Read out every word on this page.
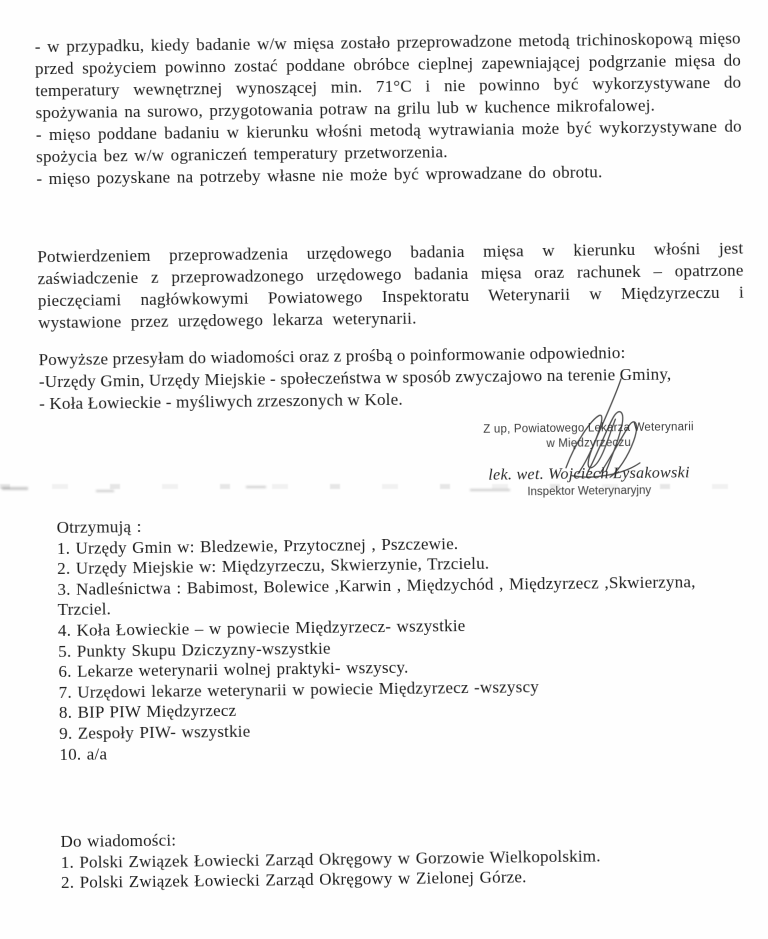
- w przypadku, kiedy badanie w/w mięsa zostało przeprowadzone metodą trichinoskopową mięso przed spożyciem powinno zostać poddane obróbce cieplnej zapewniającej podgrzanie mięsa do temperatury wewnętrznej wynoszącej min. 71°C i nie powinno być wykorzystywane do spożywania na surowo, przygotowania potraw na grilu lub w kuchence mikrofalowej.

- mięso poddane badaniu w kierunku włośni metodą wytrawiania może być wykorzystywane do spożycia bez w/w ograniczeń temperatury przetworzenia.

- mięso pozyskane na potrzeby własne nie może być wprowadzane do obrotu.

Potwierdzeniem przeprowadzenia urzędowego badania mięsa w kierunku włośni jest zaświadczenie z przeprowadzonego urzędowego badania mięsa oraz rachunek – opatrzone pieczęciami nagłówkowymi Powiatowego Inspektoratu Weterynarii w Międzyrzeczu i wystawione przez urzędowego lekarza weterynarii.

Powyższe przesyłam do wiadomości oraz z prośbą o poinformowanie odpowiednio:

-Urzędy Gmin, Urzędy Miejskie - społeczeństwa w sposób zwyczajowo na terenie Gminy,

- Koła Łowieckie - myśliwych zrzeszonych w Kole.

Z up, Powiatowego Lekarza Weterynarii
w Międzyrzeczu
lek. wet. Wojciech Łysakowski
Inspektor Weterynaryjny
Otrzymują :
1. Urzędy Gmin w: Bledzewie, Przytocznej , Pszczewie.
2. Urzędy Miejskie w: Międzyrzeczu, Skwierzynie, Trzcielu.
3. Nadleśnictwa : Babimost, Bolewice ,Karwin , Międzychód , Międzyrzecz ,Skwierzyna, Trzciel.
4. Koła Łowieckie – w powiecie Międzyrzecz- wszystkie
5. Punkty Skupu Dziczyzny-wszystkie
6. Lekarze weterynarii wolnej praktyki- wszyscy.
7. Urzędowi lekarze weterynarii w powiecie Międzyrzecz -wszyscy
8. BIP PIW Międzyrzecz
9. Zespoły PIW- wszystkie
10. a/a
Do wiadomości:
1. Polski Związek Łowiecki Zarząd Okręgowy w Gorzowie Wielkopolskim.
2. Polski Związek Łowiecki Zarząd Okręgowy w Zielonej Górze.
